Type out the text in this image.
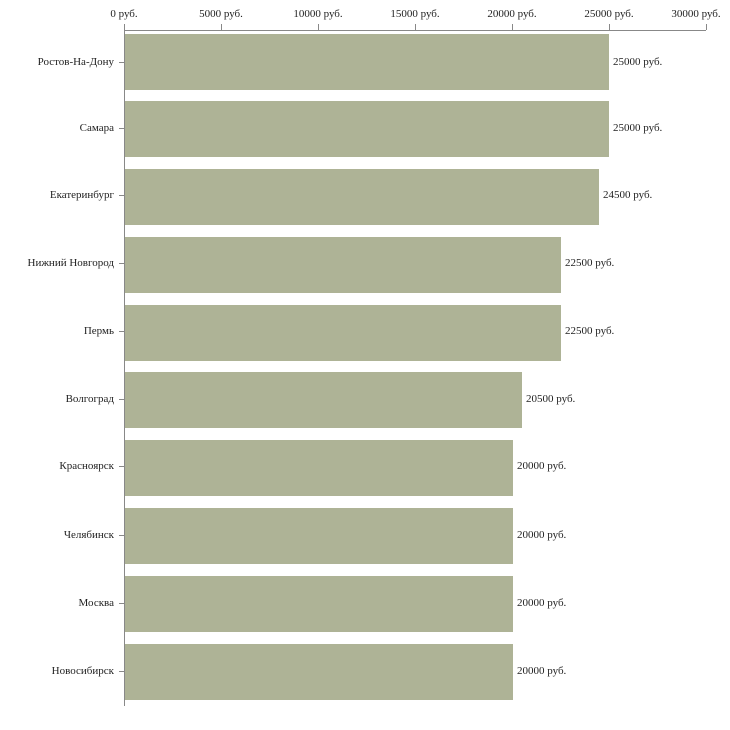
0 руб.	5000 руб.	10000 руб.	15000 руб.	20000 руб.	25000 руб.	30000 руб.
Ростов-На-Дону
Самара
Екатеринбург
Нижний Новгород
Пермь
Волгоград
Красноярск
Челябинск
Москва
Новосибирск
25000 руб.
25000 руб.
24500 руб.
22500 руб.
22500 руб.
20500 руб.
20000 руб.
20000 руб.
20000 руб.
20000 руб.
